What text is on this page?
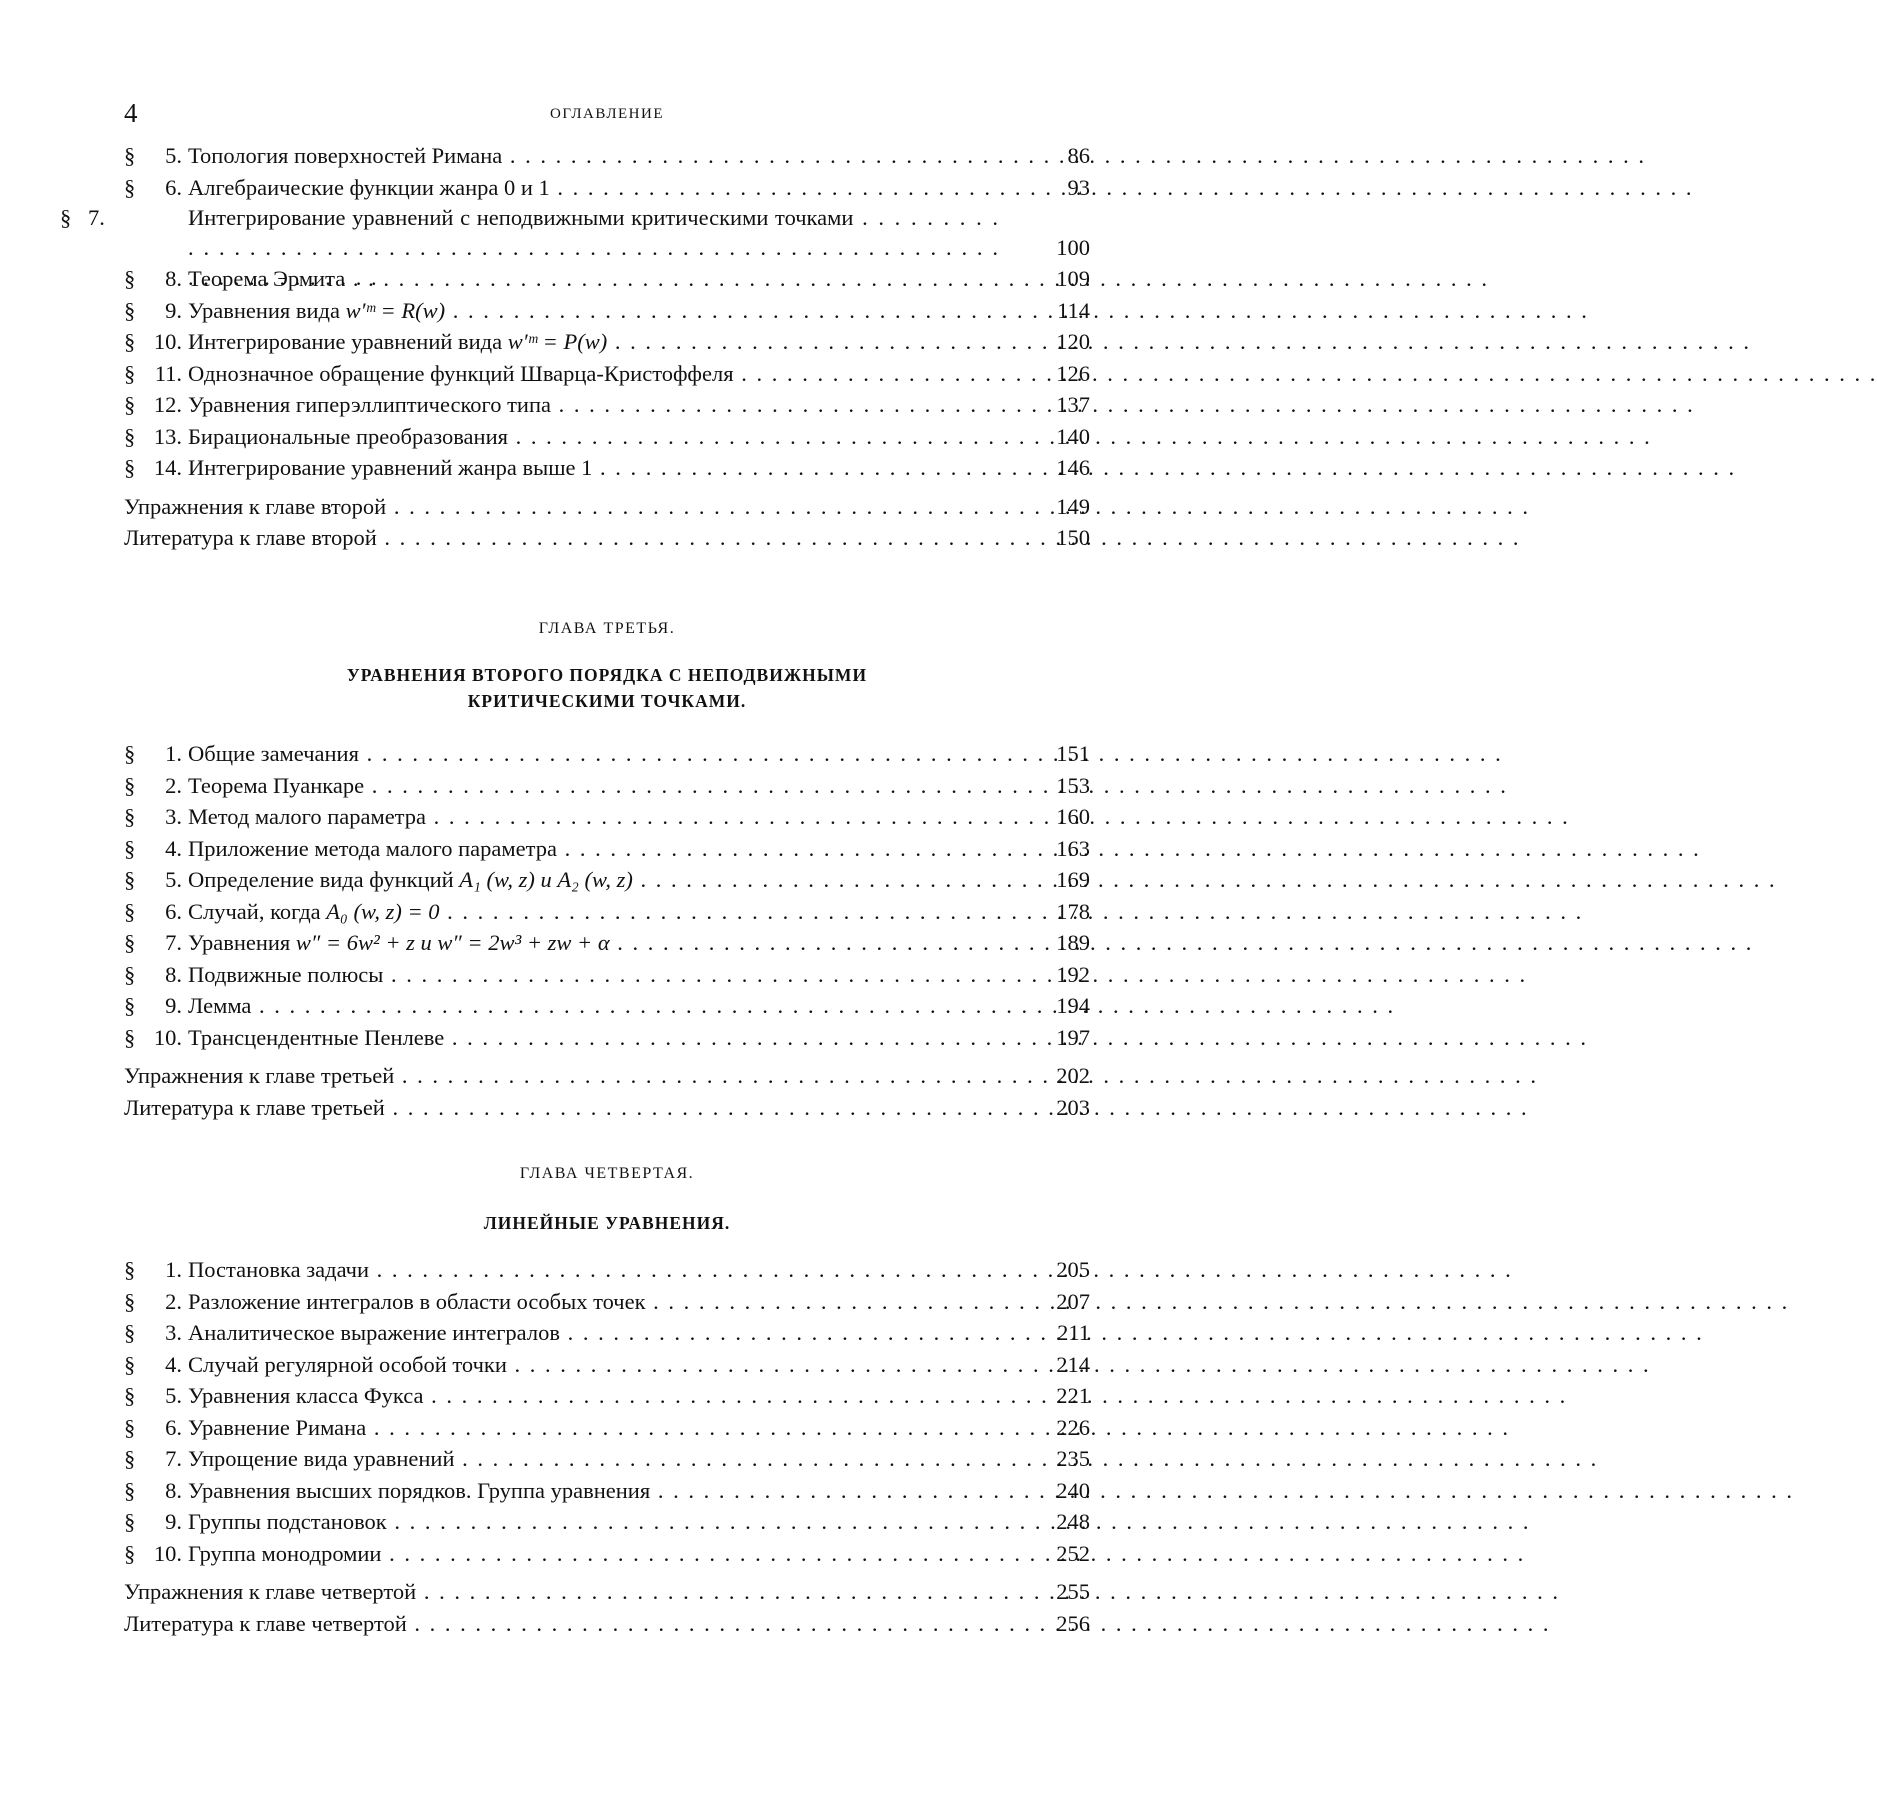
4	ОГЛАВЛЕНИЕ
§ 5. Топология поверхностей Римана . . .	86
§ 6. Алгебраические функции жанра 0 и 1 . . .	93
§ 7.	Интегрирование уравнений с неподвижными критическими точками . . .
100
§ 8. Теорема Эрмита . . .	109
§ 9. Уравнения вида w′ᵐ = R(w) . . .	114
§ 10. Интегрирование уравнений вида w′ᵐ = P(w) . . .	120
§ 11. Однозначное обращение функций Шварца-Кристоффеля . . .	126
§ 12. Уравнения гиперэллиптического типа . . .	137
§ 13. Бирациональные преобразования . . .	140
§ 14. Интегрирование уравнений жанра выше 1 . . .	146
Упражнения к главе второй . . .	149
Литература к главе второй . . .	150
ГЛАВА ТРЕТЬЯ.
УРАВНЕНИЯ ВТОРОГО ПОРЯДКА С НЕПОДВИЖНЫМИ КРИТИЧЕСКИМИ ТОЧКАМИ.
§ 1. Общие замечания . . .	151
§ 2. Теорема Пуанкаре . . .	153
§ 3. Метод малого параметра . . .	160
§ 4. Приложение метода малого параметра . . .	163
§ 5. Определение вида функций A₁ (w, z) и A₂ (w, z) . . .	169
§ 6. Случай, когда A₀ (w, z) = 0 . . .	178
§ 7. Уравнения w″ = 6w² + z и w″ = 2w³ + zw + α . . .	189
§ 8. Подвижные полюсы . . .	192
§ 9. Лемма . . .	194
§ 10. Трансцендентные Пенлеве . . .	197
Упражнения к главе третьей . . .	202
Литература к главе третьей . . .	203
ГЛАВА ЧЕТВЕРТАЯ.
ЛИНЕЙНЫЕ УРАВНЕНИЯ.
§ 1. Постановка задачи . . .	205
§ 2. Разложение интегралов в области особых точек . . .	207
§ 3. Аналитическое выражение интегралов . . .	211
§ 4. Случай регулярной особой точки . . .	214
§ 5. Уравнения класса Фукса . . .	221
§ 6. Уравнение Римана . . .	226
§ 7. Упрощение вида уравнений . . .	235
§ 8. Уравнения высших порядков. Группа уравнения . . .	240
§ 9. Группы подстановок . . .	248
§ 10. Группа монодромии . . .	252
Упражнения к главе четвертой . . .	255
Литература к главе четвертой . . .	256
